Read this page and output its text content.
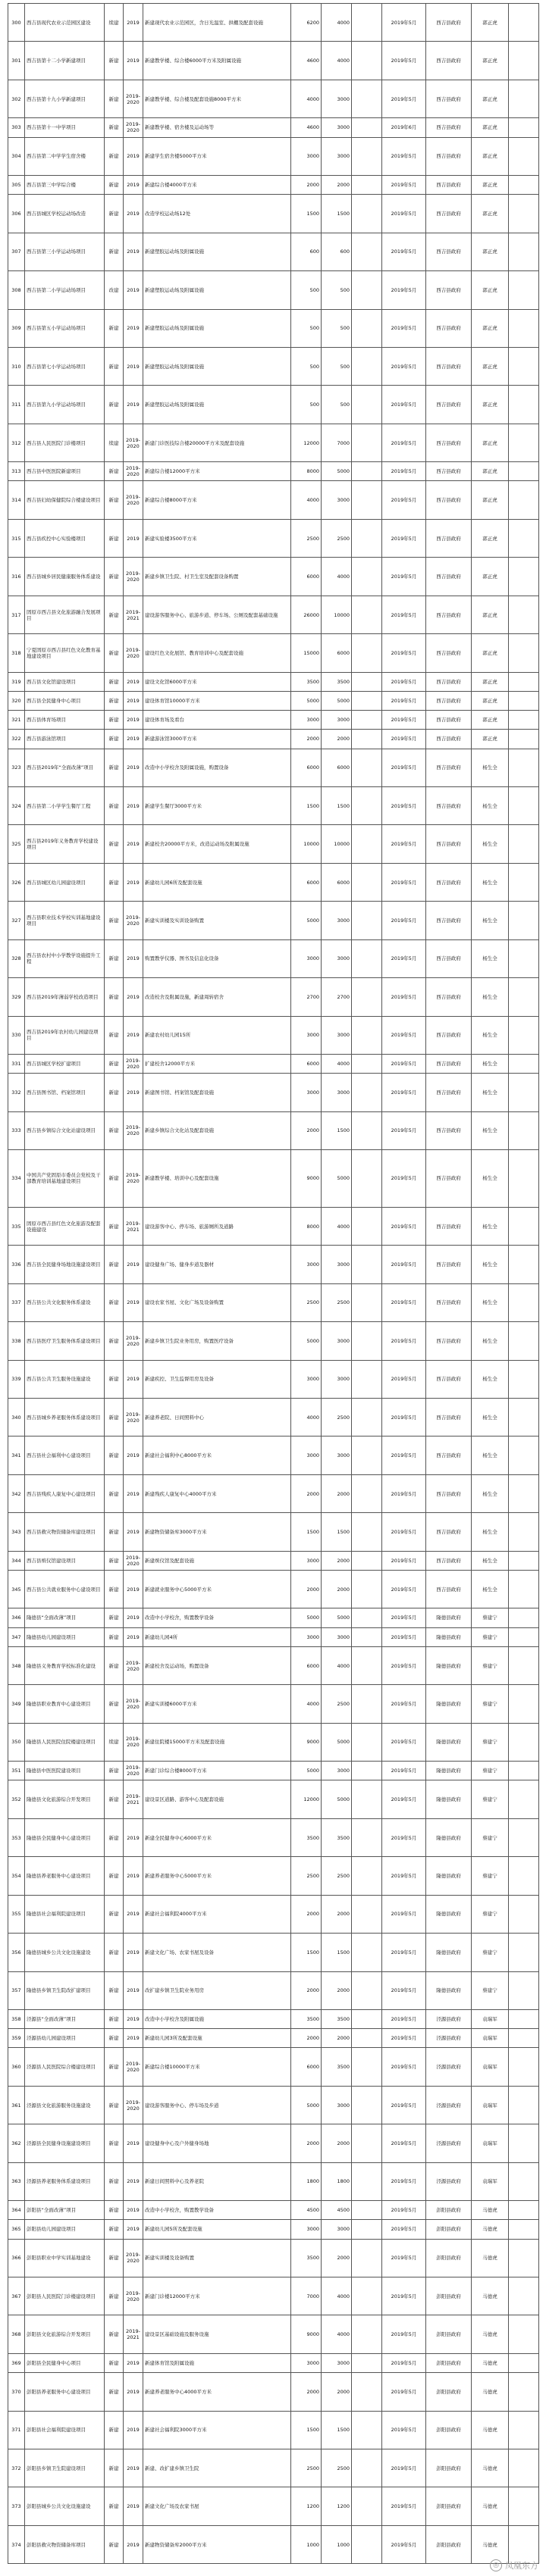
300	西吉县现代农业示范园区建设	续建	2019	新建现代农业示范园区，含日光温室、拱棚及配套设施	6200	4000		2019年5月	西吉县政府	郭正虎	
301	西吉县第十二小学新建项目	新建	2019	新建教学楼、综合楼6000平方米及附属设施	4600	4000		2019年5月	西吉县政府	郭正虎	
302	西吉县第十九小学新建项目	新建	2019-2020	新建教学楼、综合楼及配套设施8000平方米	4000	3000		2019年5月	西吉县政府	郭正虎	
303	西吉县第十一中学项目	新建	2019-2020	新建教学楼、宿舍楼及运动场等	4600	3000		2019年6月	西吉县政府	郭正虎	
304	西吉县第二中学学生宿舍楼	新建	2019	新建学生宿舍楼5000平方米	3000	3000		2019年5月	西吉县政府	郭正虎	
305	西吉县第三中学综合楼	新建	2019	新建综合楼4000平方米	2000	2000		2019年5月	西吉县政府	郭正虎	
306	西吉县城区学校运动场改造	新建	2019	改造学校运动场12处	1500	1500		2019年5月	西吉县政府	郭正虎	
307	西吉县第三小学运动场项目	新建	2019	新建塑胶运动场及附属设施	600	600		2019年5月	西吉县政府	郭正虎	
308	西吉县第二小学运动场项目	改建	2019	新建塑胶运动场及附属设施	500	500		2019年5月	西吉县政府	郭正虎	
309	西吉县第五小学运动场项目	新建	2019	新建塑胶运动场及附属设施	500	500		2019年5月	西吉县政府	郭正虎	
310	西吉县第七小学运动场项目	新建	2019	新建塑胶运动场及附属设施	500	500		2019年5月	西吉县政府	郭正虎	
311	西吉县第九小学运动场项目	新建	2019	新建塑胶运动场及附属设施	500	500		2019年5月	西吉县政府	郭正虎	
312	西吉县人民医院门诊楼项目	续建	2019-2020	新建门诊医技综合楼20000平方米及配套设施	12000	7000		2019年5月	西吉县政府	郭正虎	
313	西吉县中医医院新建项目	新建	2019-2020	新建综合楼12000平方米	8000	5000		2019年5月	西吉县政府	郭正虎	
314	西吉县妇幼保健院综合楼建设项目	新建	2019-2020	新建综合楼8000平方米	4000	3000		2019年5月	西吉县政府	郭正虎	
315	西吉县疾控中心实验楼项目	新建	2019	新建实验楼3500平方米	2500	2500		2019年5月	西吉县政府	郭正虎	
316	西吉县城乡居民健康服务体系建设	新建	2019-2020	新建乡镇卫生院、村卫生室及配套设备购置	6000	4000		2019年5月	西吉县政府	郭正虎	
317	固原市西吉县文化旅游融合发展项目	新建	2019-2021	建设游客服务中心、旅游步道、停车场、公厕及配套基础设施	26000	10000		2019年5月	西吉县政府	郭正虎	
318	宁夏固原市西吉县红色文化教育基地建设项目	新建	2019-2020	建设红色文化展馆、教育培训中心及配套设施	15000	6000		2019年5月	西吉县政府	郭正虎	
319	西吉县文化馆建设项目	新建	2019	建设文化馆6000平方米	3500	3500		2019年5月	西吉县政府	郭正虎	
320	西吉县全民健身中心项目	新建	2019	建设体育馆10000平方米	5000	5000		2019年5月	西吉县政府	郭正虎	
321	西吉县体育场项目	新建	2019	建设体育场及看台	3000	3000		2019年5月	西吉县政府	郭正虎	
322	西吉县游泳馆项目	新建	2019	新建游泳馆3000平方米	2000	2000		2019年5月	西吉县政府	郭正虎	
323	西吉县2019年“全面改薄”项目	新建	2019	改造中小学校舍及附属设施，购置设备	6000	6000		2019年5月	西吉县政府	杨生全	
324	西吉县第二小学学生餐厅工程	新建	2019	新建学生餐厅3000平方米	1500	1500		2019年5月	西吉县政府	杨生全	
325	西吉县2019年义务教育学校建设项目	新建	2019	新建校舍20000平方米，改造运动场及附属设施	10000	10000		2019年5月	西吉县政府	杨生全	
326	西吉县城区幼儿园建设项目	新建	2019	新建幼儿园6所及配套设施	6000	6000		2019年5月	西吉县政府	杨生全	
327	西吉县职业技术学校实训基地建设项目	新建	2019-2020	新建实训楼及实训设备购置	5000	3000		2019年5月	西吉县政府	杨生全	
328	西吉县农村中小学教学设施提升工程	新建	2019	购置教学仪器、图书及信息化设备	3000	3000		2019年5月	西吉县政府	杨生全	
329	西吉县2019年薄弱学校改造项目	新建	2019	改造校舍及附属设施，新建周转宿舍	2700	2700		2019年5月	西吉县政府	杨生全	
330	西吉县2019年农村幼儿园建设项目	新建	2019	新建农村幼儿园15所	3000	3000		2019年5月	西吉县政府	杨生全	
331	西吉县城区学校扩建项目	新建	2019-2020	扩建校舍12000平方米	6000	4000		2019年5月	西吉县政府	杨生全	
332	西吉县图书馆、档案馆项目	新建	2019	新建图书馆、档案馆及配套设施	3000	3000		2019年5月	西吉县政府	杨生全	
333	西吉县乡镇综合文化站建设项目	新建	2019-2020	新建乡镇综合文化站及配套设施	2000	1500		2019年5月	西吉县政府	杨生全	
334	中国共产党固原市委员会党校及干部教育培训基地建设项目	新建	2019-2020	新建教学楼、培训中心及配套设施	9000	5000		2019年5月	西吉县政府	杨生全	
335	固原市西吉县红色文化旅游及配套设施建设	新建	2019-2021	建设游客中心、停车场、旅游厕所及道路	8000	4000		2019年5月	西吉县政府	杨生全	
336	西吉县全民健身场地设施建设项目	新建	2019	建设健身广场、健身步道及器材	3000	3000		2019年5月	西吉县政府	杨生全	
337	西吉县公共文化服务体系建设	新建	2019	建设农家书屋、文化广场及设备购置	2500	2500		2019年5月	西吉县政府	杨生全	
338	西吉县医疗卫生服务体系建设项目	新建	2019-2020	新建乡镇卫生院业务用房，购置医疗设备	5000	3000		2019年5月	西吉县政府	杨生全	
339	西吉县公共卫生服务设施建设	新建	2019	新建疾控、卫生监督用房及设备	3000	3000		2019年5月	西吉县政府	杨生全	
340	西吉县城乡养老服务体系建设项目	新建	2019-2020	新建养老院、日间照料中心	4000	2500		2019年5月	西吉县政府	杨生全	
341	西吉县社会福利中心建设项目	新建	2019	新建社会福利中心8000平方米	3000	3000		2019年5月	西吉县政府	杨生全	
342	西吉县残疾人康复中心建设项目	新建	2019	新建残疾人康复中心4000平方米	2000	2000		2019年5月	西吉县政府	杨生全	
343	西吉县救灾物资储备库建设项目	新建	2019	新建物资储备库3000平方米	1500	1500		2019年5月	西吉县政府	杨生全	
344	西吉县殡仪馆建设项目	新建	2019-2020	新建殡仪馆及配套设施	3000	2000		2019年5月	西吉县政府	杨生全	
345	西吉县公共就业服务中心建设项目	新建	2019	新建就业服务中心5000平方米	2000	2000		2019年5月	西吉县政府	杨生全	
346	隆德县“全面改薄”项目	新建	2019	改造中小学校舍，购置教学设备	5000	5000		2019年5月	隆德县政府	蔡建宁	
347	隆德县幼儿园建设项目	新建	2019	新建幼儿园4所	3000	3000		2019年5月	隆德县政府	蔡建宁	
348	隆德县义务教育学校标准化建设	新建	2019-2020	新建校舍及运动场，购置设备	6000	4000		2019年5月	隆德县政府	蔡建宁	
349	隆德县职业教育中心建设项目	新建	2019-2020	新建实训楼6000平方米	4000	2500		2019年5月	隆德县政府	蔡建宁	
350	隆德县人民医院住院楼建设项目	续建	2019-2020	新建住院楼15000平方米及配套设施	9000	5000		2019年5月	隆德县政府	蔡建宁	
351	隆德县中医医院建设项目	新建	2019-2020	新建门诊综合楼8000平方米	5000	3000		2019年5月	隆德县政府	蔡建宁	
352	隆德县文化旅游综合开发项目	新建	2019-2021	建设景区道路、游客中心及配套设施	12000	5000		2019年5月	隆德县政府	蔡建宁	
353	隆德县全民健身中心建设项目	新建	2019	新建全民健身中心6000平方米	3500	3500		2019年5月	隆德县政府	蔡建宁	
354	隆德县养老服务中心建设项目	新建	2019	新建养老服务中心5000平方米	2500	2500		2019年5月	隆德县政府	蔡建宁	
355	隆德县社会福利院建设项目	新建	2019	新建社会福利院4000平方米	2000	2000		2019年5月	隆德县政府	蔡建宁	
356	隆德县城乡公共文化设施建设	新建	2019	新建文化广场、农家书屋及设备	1500	1500		2019年5月	隆德县政府	蔡建宁	
357	隆德县乡镇卫生院改扩建项目	新建	2019	改扩建乡镇卫生院业务用房	2000	2000		2019年5月	隆德县政府	蔡建宁	
358	泾源县“全面改薄”项目	新建	2019	改造中小学校舍及附属设施	3500	3500		2019年5月	泾源县政府	袁瑞军	
359	泾源县幼儿园建设项目	新建	2019	新建幼儿园3所及配套设施	2000	2000		2019年5月	泾源县政府	袁瑞军	
360	泾源县人民医院综合楼建设项目	新建	2019-2020	新建综合楼10000平方米	6000	3500		2019年5月	泾源县政府	袁瑞军	
361	泾源县文化旅游服务设施建设	新建	2019-2020	建设游客服务中心、停车场及步道	5000	3000		2019年5月	泾源县政府	袁瑞军	
362	泾源县全民健身设施建设项目	新建	2019	建设健身中心及户外健身场地	2000	2000		2019年5月	泾源县政府	袁瑞军	
363	泾源县养老服务体系建设项目	新建	2019	新建日间照料中心及养老院	1800	1800		2019年5月	泾源县政府	袁瑞军	
364	彭阳县“全面改薄”项目	新建	2019	改造中小学校舍，购置教学设备	4500	4500		2019年5月	彭阳县政府	马德虎	
365	彭阳县幼儿园建设项目	新建	2019	新建幼儿园5所及配套设施	3000	3000		2019年5月	彭阳县政府	马德虎	
366	彭阳县职业中学实训基地建设	新建	2019-2020	新建实训楼及设备购置	3500	2000		2019年5月	彭阳县政府	马德虎	
367	彭阳县人民医院门诊楼建设项目	新建	2019-2020	新建门诊楼12000平方米	7000	4000		2019年5月	彭阳县政府	马德虎	
368	彭阳县文化旅游综合开发项目	新建	2019-2021	建设景区基础设施及服务设施	9000	4000		2019年5月	彭阳县政府	马德虎	
369	彭阳县全民健身中心项目	新建	2019	新建体育馆及附属设施	3000	3000		2019年5月	彭阳县政府	马德虎	
370	彭阳县养老服务中心建设项目	新建	2019	新建养老服务中心4000平方米	2000	2000		2019年5月	彭阳县政府	马德虎	
371	彭阳县社会福利院建设项目	新建	2019	新建社会福利院3000平方米	1500	1500		2019年5月	彭阳县政府	马德虎	
372	彭阳县乡镇卫生院建设项目	新建	2019	新建、改扩建乡镇卫生院	2500	2500		2019年5月	彭阳县政府	马德虎	
373	彭阳县城乡公共文化设施建设	新建	2019	新建文化广场及农家书屋	1200	1200		2019年5月	彭阳县政府	马德虎	
374	彭阳县救灾物资储备库项目	新建	2019	新建物资储备库2000平方米	1000	1000		2019年5月	彭阳县政府	马德虎	
◎ 凤凰东方
